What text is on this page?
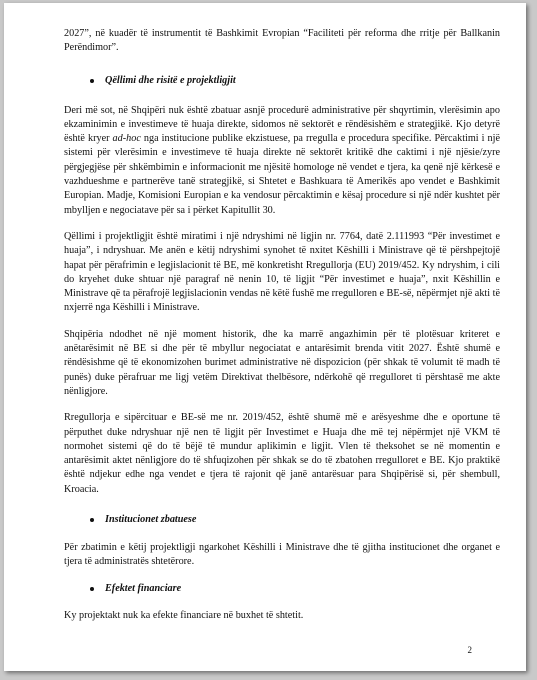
2027”, në kuadër të instrumentit të Bashkimit Evropian “Faciliteti për reforma dhe rritje për Ballkanin Perëndimor”.

Qëllimi dhe risitë e projektligjit

Deri më sot, në Shqipëri nuk është zbatuar asnjë procedurë administrative për shqyrtimin, vlerësimin apo ekzaminimin e investimeve të huaja direkte, sidomos në sektorët e rëndësishëm e strategjikë. Kjo detyrë është kryer ad-hoc nga institucione publike ekzistuese, pa rregulla e procedura specifike. Përcaktimi i një sistemi për vlerësimin e investimeve të huaja direkte në sektorët kritikë dhe caktimi i një njësie/zyre përgjegjëse për shkëmbimin e informacionit me njësitë homologe në vendet e tjera, ka qenë një kërkesë e vazhdueshme e partnerëve tanë strategjikë, si Shtetet e Bashkuara të Amerikës apo vendet e Bashkimit Europian. Madje, Komisioni Europian e ka vendosur përcaktimin e kësaj procedure si një ndër kushtet për mbylljen e negociatave për sa i përket Kapitullit 30.

Qëllimi i projektligjit është miratimi i një ndryshimi në ligjin nr. 7764, datë 2.111993 “Për investimet e huaja”, i ndryshuar. Me anën e këtij ndryshimi synohet të nxitet Këshilli i Ministrave që të përshpejtojë hapat për përafrimin e legjislacionit të BE, më konkretisht Rregullorja (EU) 2019/452. Ky ndryshim, i cili do kryehet duke shtuar një paragraf në nenin 10, të ligjit “Për investimet e huaja”, nxit Këshillin e Ministrave që ta përafrojë legjislacionin vendas në këtë fushë me rregulloren e BE-së, nëpërmjet një akti të nxjerrë nga Këshilli i Ministrave.

Shqipëria ndodhet në një moment historik, dhe ka marrë angazhimin për të plotësuar kriteret e anëtarësimit në BE si dhe për të mbyllur negociatat e antarësimit brenda vitit 2027. Është shumë e rëndësishme që të ekonomizohen burimet administrative në dispozicion (për shkak të volumit të madh të punës) duke përafruar me ligj vetëm Direktivat thelbësore, ndërkohë që rregulloret ti përshtasë me akte nënligjore.

Rregullorja e sipërcituar e BE-së me nr. 2019/452, është shumë më e arësyeshme dhe e oportune të përputhet duke ndryshuar një nen të ligjit për Investimet e Huaja dhe më tej nëpërmjet një VKM të normohet sistemi që do të bëjë të mundur aplikimin e ligjit. Vlen të theksohet se në momentin e antarësimit aktet nënligjore do të shfuqizohen për shkak se do të zbatohen rregulloret e BE. Kjo praktikë është ndjekur edhe nga vendet e tjera të rajonit që janë antarësuar para Shqipërisë si, për shembull, Kroacia.

Institucionet zbatuese

Për zbatimin e këtij projektligji ngarkohet Këshilli i Ministrave dhe të gjitha institucionet dhe organet e tjera të administratës shtetërore.

Efektet financiare

Ky projektakt nuk ka efekte financiare në buxhet të shtetit.

2
